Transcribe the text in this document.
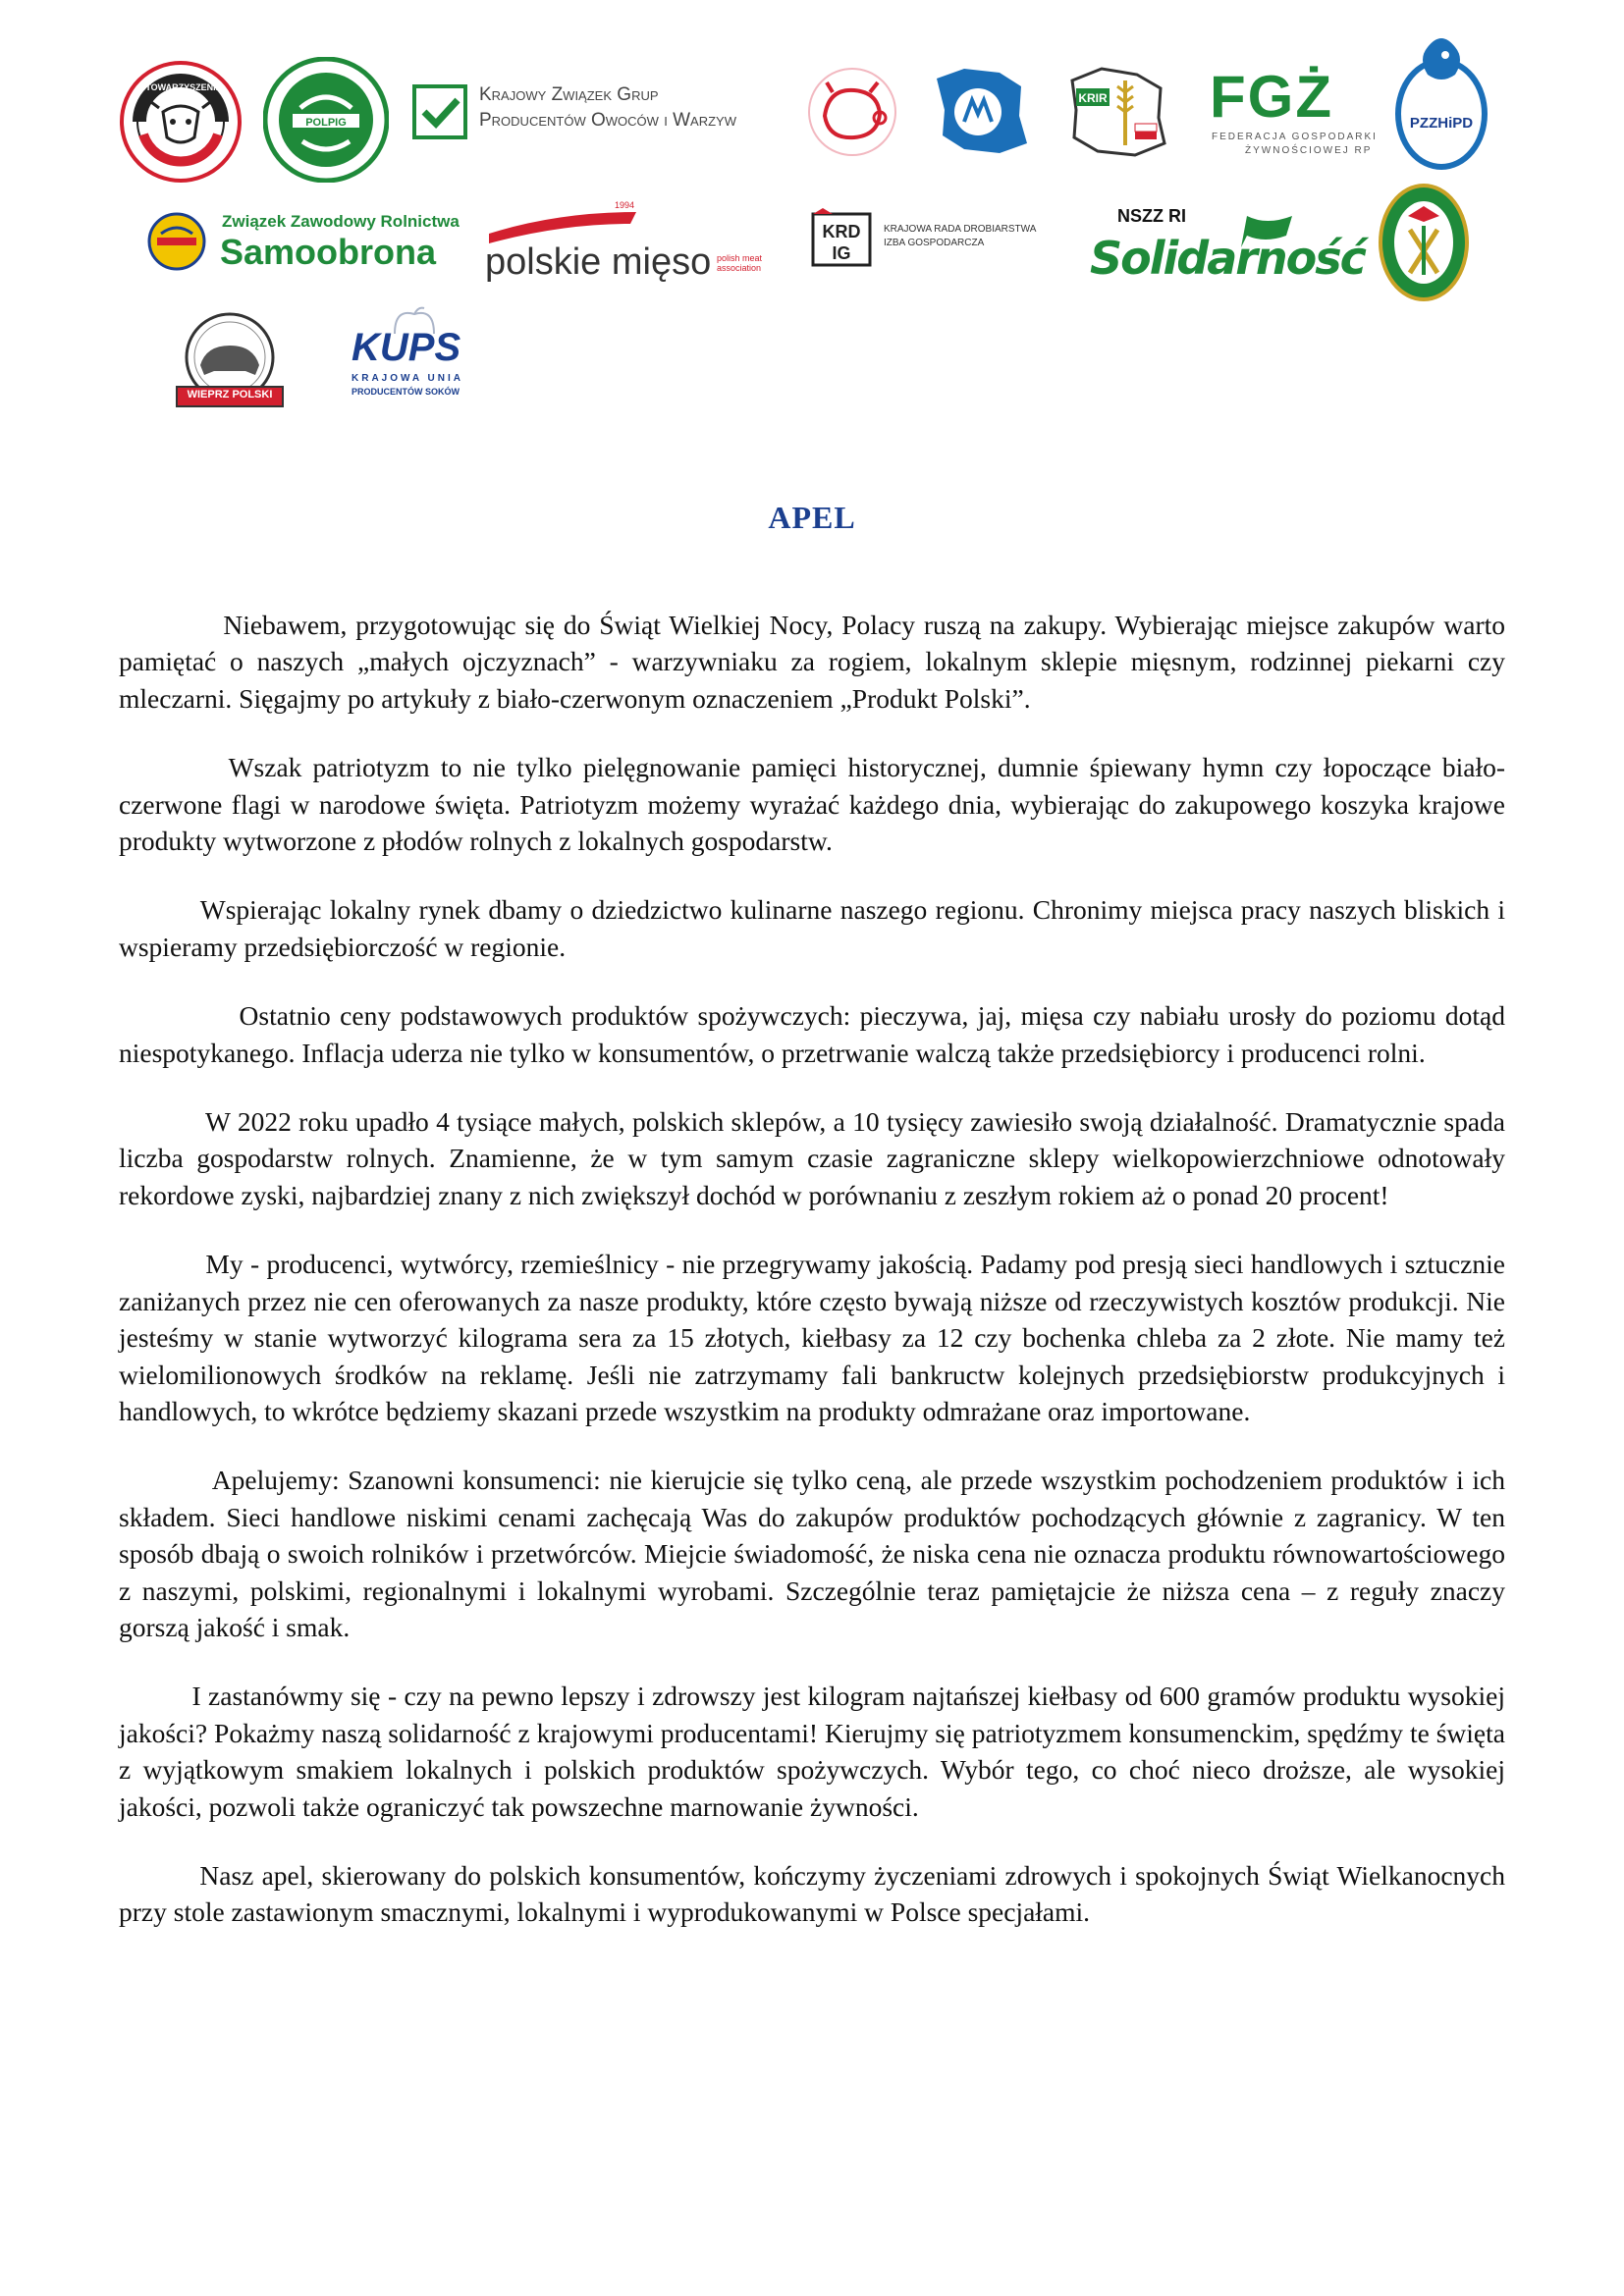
STOWARZYSZENIE
POLPIG
Krajowy Związek Grup
Producentów Owoców i Warzyw
KRIR FGŻ
FEDERACJA GOSPODARKI
ŻYWNOŚCIOWEJ RP
PZZHiPD
Związek Zawodowy Rolnictwa
Samoobrona
1994
polskie mięso polish meat association
KRD
IG
KRAJOWA RADA DROBIARSTWA
IZBA GOSPODARCZA
NSZZ RI
Solidarność
WIEPRZ POLSKI
KUPS
KRAJOWA UNIA
PRODUCENTÓW SOKÓW
APEL

Niebawem, przygotowując się do Świąt Wielkiej Nocy, Polacy ruszą na zakupy. Wybierając miejsce zakupów warto pamiętać o naszych „małych ojczyznach” - warzywniaku za rogiem, lokalnym sklepie mięsnym, rodzinnej piekarni czy mleczarni. Sięgajmy po artykuły z biało-czerwonym oznaczeniem „Produkt Polski”.

Wszak patriotyzm to nie tylko pielęgnowanie pamięci historycznej, dumnie śpiewany hymn czy łopoczące biało-czerwone flagi w narodowe święta. Patriotyzm możemy wyrażać każdego dnia, wybierając do zakupowego koszyka krajowe produkty wytworzone z płodów rolnych z lokalnych gospodarstw.

Wspierając lokalny rynek dbamy o dziedzictwo kulinarne naszego regionu. Chronimy miejsca pracy naszych bliskich i wspieramy przedsiębiorczość w regionie.

Ostatnio ceny podstawowych produktów spożywczych: pieczywa, jaj, mięsa czy nabiału urosły do poziomu dotąd niespotykanego. Inflacja uderza nie tylko w konsumentów, o przetrwanie walczą także przedsiębiorcy i producenci rolni.

W 2022 roku upadło 4 tysiące małych, polskich sklepów, a 10 tysięcy zawiesiło swoją działalność. Dramatycznie spada liczba gospodarstw rolnych. Znamienne, że w tym samym czasie zagraniczne sklepy wielkopowierzchniowe odnotowały rekordowe zyski, najbardziej znany z nich zwiększył dochód w porównaniu z zeszłym rokiem aż o ponad 20 procent!

My - producenci, wytwórcy, rzemieślnicy - nie przegrywamy jakością. Padamy pod presją sieci handlowych i sztucznie zaniżanych przez nie cen oferowanych za nasze produkty, które często bywają niższe od rzeczywistych kosztów produkcji. Nie jesteśmy w stanie wytworzyć kilograma sera za 15 złotych, kiełbasy za 12 czy bochenka chleba za 2 złote. Nie mamy też wielomilionowych środków na reklamę. Jeśli nie zatrzymamy fali bankructw kolejnych przedsiębiorstw produkcyjnych i handlowych, to wkrótce będziemy skazani przede wszystkim na produkty odmrażane oraz importowane.

Apelujemy: Szanowni konsumenci: nie kierujcie się tylko ceną, ale przede wszystkim pochodzeniem produktów i ich składem. Sieci handlowe niskimi cenami zachęcają Was do zakupów produktów pochodzących głównie z zagranicy. W ten sposób dbają o swoich rolników i przetwórców. Miejcie świadomość, że niska cena nie oznacza produktu równowartościowego z naszymi, polskimi, regionalnymi i lokalnymi wyrobami. Szczególnie teraz pamiętajcie że niższa cena – z reguły znaczy gorszą jakość i smak.

I zastanówmy się - czy na pewno lepszy i zdrowszy jest kilogram najtańszej kiełbasy od 600 gramów produktu wysokiej jakości? Pokażmy naszą solidarność z krajowymi producentami! Kierujmy się patriotyzmem konsumenckim, spędźmy te święta z wyjątkowym smakiem lokalnych i polskich produktów spożywczych. Wybór tego, co choć nieco droższe, ale wysokiej jakości, pozwoli także ograniczyć tak powszechne marnowanie żywności.

Nasz apel, skierowany do polskich konsumentów, kończymy życzeniami zdrowych i spokojnych Świąt Wielkanocnych przy stole zastawionym smacznymi, lokalnymi i wyprodukowanymi w Polsce specjałami.
